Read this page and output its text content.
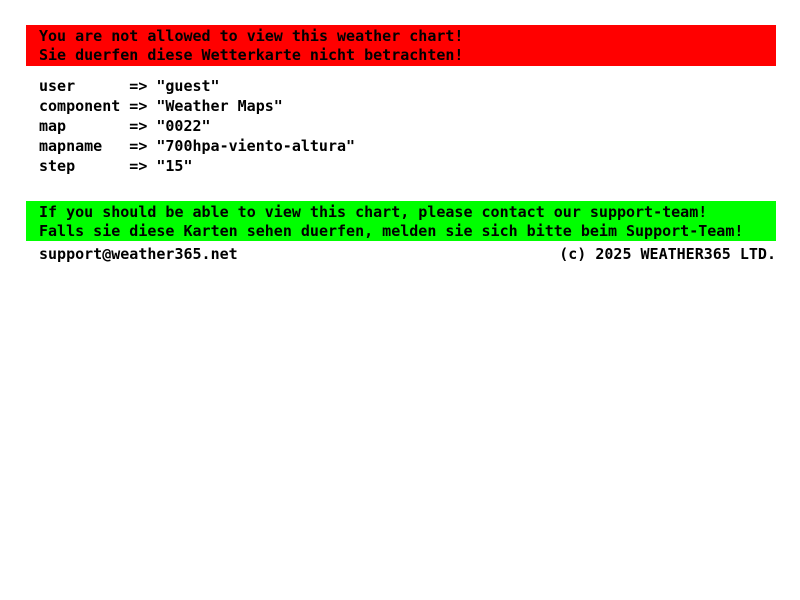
You are not allowed to view this weather chart!
Sie duerfen diese Wetterkarte nicht betrachten!
user	=> "guest"
component => "Weather Maps"
map	=> "0022"
mapname => "700hpa-viento-altura"
step	=> "15"
If you should be able to view this chart, please contact our support-team!
Falls sie diese Karten sehen duerfen, melden sie sich bitte beim Support-Team!
support@weather365.net	(c) 2025 WEATHER365 LTD.
